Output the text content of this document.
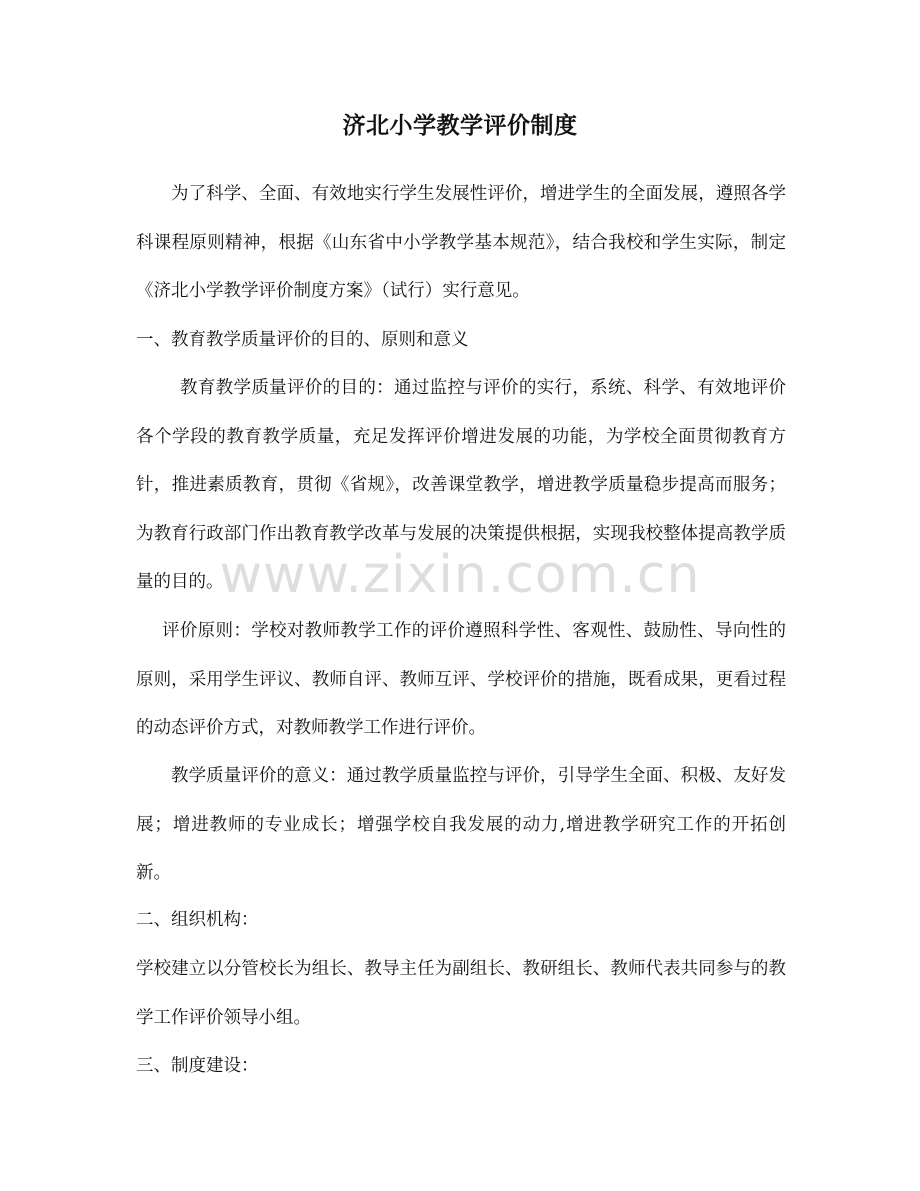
济北小学教学评价制度

为了科学、全面、有效地实行学生发展性评价，增进学生的全面发展，遵照各学科课程原则精神，根据《山东省中小学教学基本规范》，结合我校和学生实际，制定《济北小学教学评价制度方案》（试行）实行意见。

一、教育教学质量评价的目的、原则和意义

教育教学质量评价的目的：通过监控与评价的实行，系统、科学、有效地评价各个学段的教育教学质量，充足发挥评价增进发展的功能，为学校全面贯彻教育方针，推进素质教育，贯彻《省规》，改善课堂教学，增进教学质量稳步提高而服务；为教育行政部门作出教育教学改革与发展的决策提供根据，实现我校整体提高教学质量的目的。

评价原则：学校对教师教学工作的评价遵照科学性、客观性、鼓励性、导向性的原则，采用学生评议、教师自评、教师互评、学校评价的措施，既看成果，更看过程的动态评价方式，对教师教学工作进行评价。

教学质量评价的意义：通过教学质量监控与评价，引导学生全面、积极、友好发展；增进教师的专业成长；增强学校自我发展的动力,增进教学研究工作的开拓创新。

二、组织机构：

学校建立以分管校长为组长、教导主任为副组长、教研组长、教师代表共同参与的教学工作评价领导小组。

三、制度建设：

www.zixin.com.cn
